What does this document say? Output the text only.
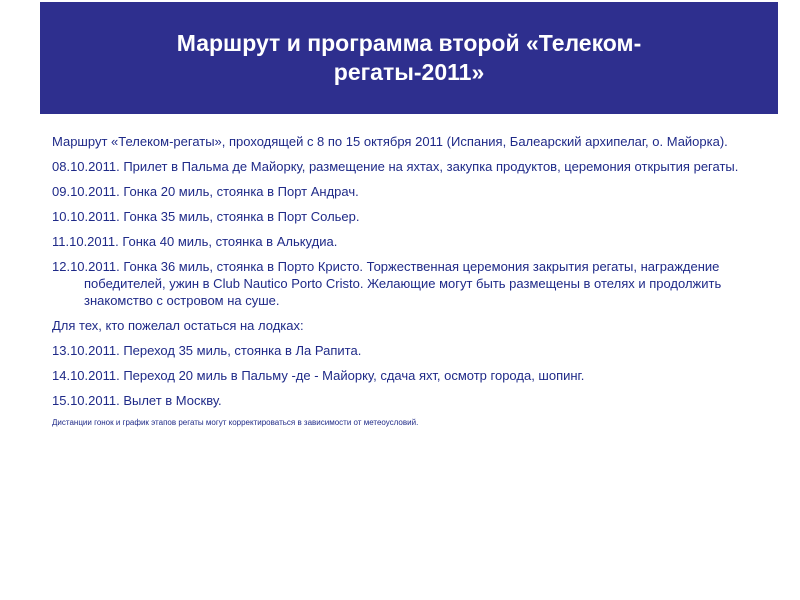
Маршрут и программа второй «Телеком-
регаты-2011»

Маршрут «Телеком-регаты», проходящей с 8 по 15 октября 2011 (Испания, Балеарский архипелаг, о. Майорка).

08.10.2011. Прилет в Пальма де Майорку, размещение на яхтах, закупка продуктов, церемония открытия регаты.

09.10.2011. Гонка 20 миль, стоянка в Порт Андрач.

10.10.2011. Гонка 35 миль, стоянка в Порт Сольер.

11.10.2011. Гонка 40 миль, стоянка в Алькудиа.

12.10.2011. Гонка 36 миль, стоянка в Порто Кристо. Торжественная церемония закрытия регаты, награждение победителей, ужин в Club Nautico Porto Cristo. Желающие могут быть размещены в отелях и продолжить знакомство с островом на суше.

Для тех, кто пожелал остаться на лодках:

13.10.2011. Переход 35 миль, стоянка в Ла Рапита.

14.10.2011. Переход 20 миль в Пальму -де - Майорку, сдача яхт, осмотр города, шопинг.

15.10.2011. Вылет в Москву.

Дистанции гонок и график этапов регаты могут корректироваться в зависимости от метеоусловий.
